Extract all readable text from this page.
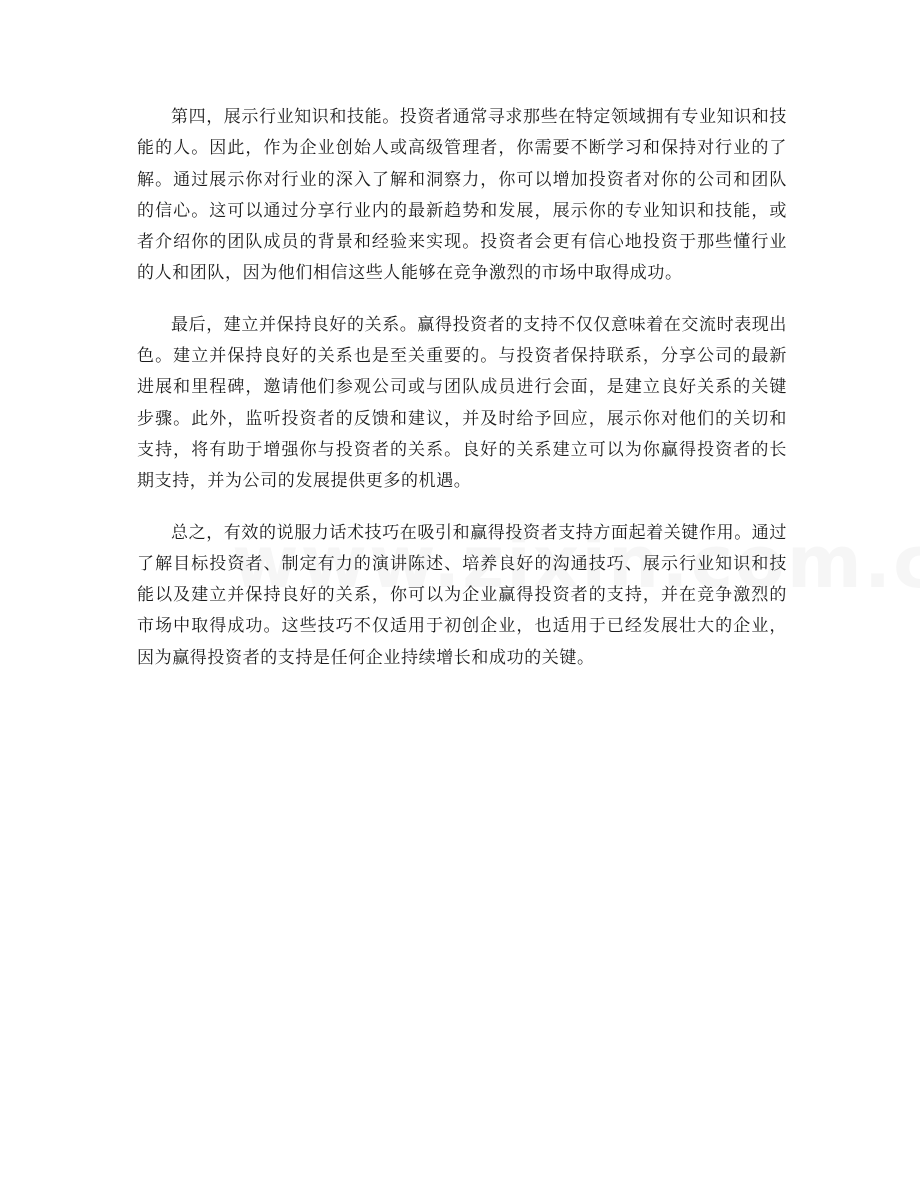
第四，展示行业知识和技能。投资者通常寻求那些在特定领域拥有专业知识和技能的人。因此，作为企业创始人或高级管理者，你需要不断学习和保持对行业的了解。通过展示你对行业的深入了解和洞察力，你可以增加投资者对你的公司和团队的信心。这可以通过分享行业内的最新趋势和发展，展示你的专业知识和技能，或者介绍你的团队成员的背景和经验来实现。投资者会更有信心地投资于那些懂行业的人和团队，因为他们相信这些人能够在竞争激烈的市场中取得成功。

最后，建立并保持良好的关系。赢得投资者的支持不仅仅意味着在交流时表现出色。建立并保持良好的关系也是至关重要的。与投资者保持联系，分享公司的最新进展和里程碑，邀请他们参观公司或与团队成员进行会面，是建立良好关系的关键步骤。此外，监听投资者的反馈和建议，并及时给予回应，展示你对他们的关切和支持，将有助于增强你与投资者的关系。良好的关系建立可以为你赢得投资者的长期支持，并为公司的发展提供更多的机遇。

总之，有效的说服力话术技巧在吸引和赢得投资者支持方面起着关键作用。通过了解目标投资者、制定有力的演讲陈述、培养良好的沟通技巧、展示行业知识和技能以及建立并保持良好的关系，你可以为企业赢得投资者的支持，并在竞争激烈的市场中取得成功。这些技巧不仅适用于初创企业，也适用于已经发展壮大的企业，因为赢得投资者的支持是任何企业持续增长和成功的关键。
